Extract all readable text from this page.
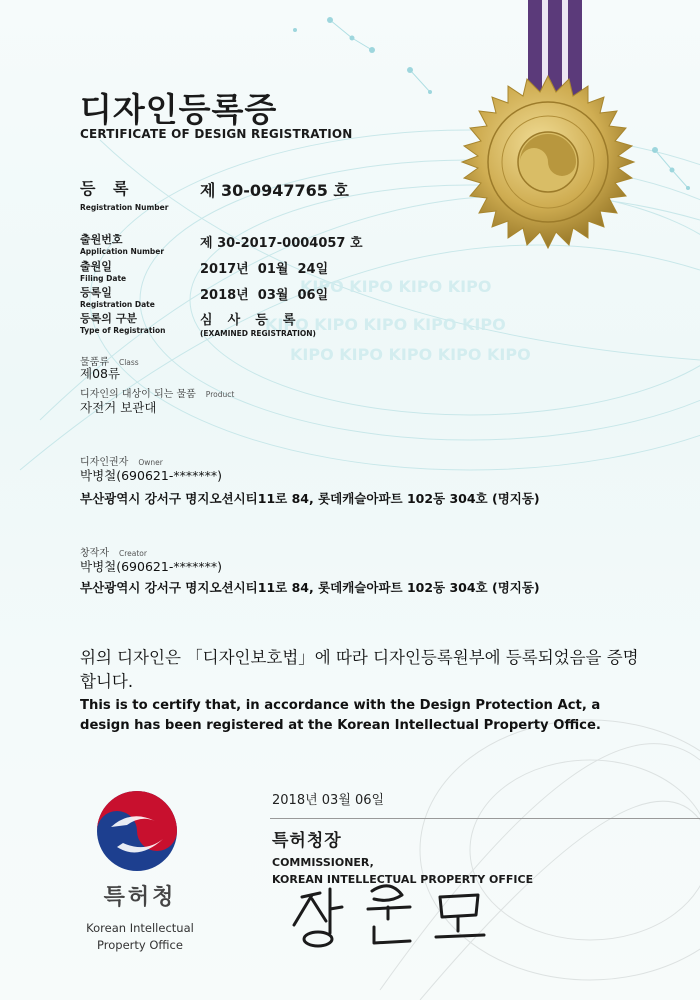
KIPO KIPO KIPO KIPO
KIPO KIPO KIPO KIPO KIPO
KIPO KIPO KIPO KIPO KIPO
디자인등록증
CERTIFICATE OF DESIGN REGISTRATION
등 록
Registration Number
제 30-0947765 호
출원번호
Application Number
제 30-2017-0004057 호
출원일
Filing Date
2017년  01월  24일
등록일
Registration Date
2018년  03월  06일
등록의 구분
Type of Registration
심  사  등  록
(EXAMINED REGISTRATION)
물품류 Class
제08류
디자인의 대상이 되는 물품 Product
자전거 보관대
디자인권자 Owner
박병철(690621-*******)
부산광역시 강서구 명지오션시티11로 84, 롯데캐슬아파트 102동 304호 (명지동)
창작자 Creator
박병철(690621-*******)
부산광역시 강서구 명지오션시티11로 84, 롯데캐슬아파트 102동 304호 (명지동)
위의 디자인은 「디자인보호법」에 따라 디자인등록원부에 등록되었음을 증명합니다.
This is to certify that, in accordance with the Design Protection Act, a design has been registered at the Korean Intellectual Property Office.
2018년 03월 06일
특허청장
COMMISSIONER,
KOREAN INTELLECTUAL PROPERTY OFFICE
특허청
Korean Intellectual
Property Office
